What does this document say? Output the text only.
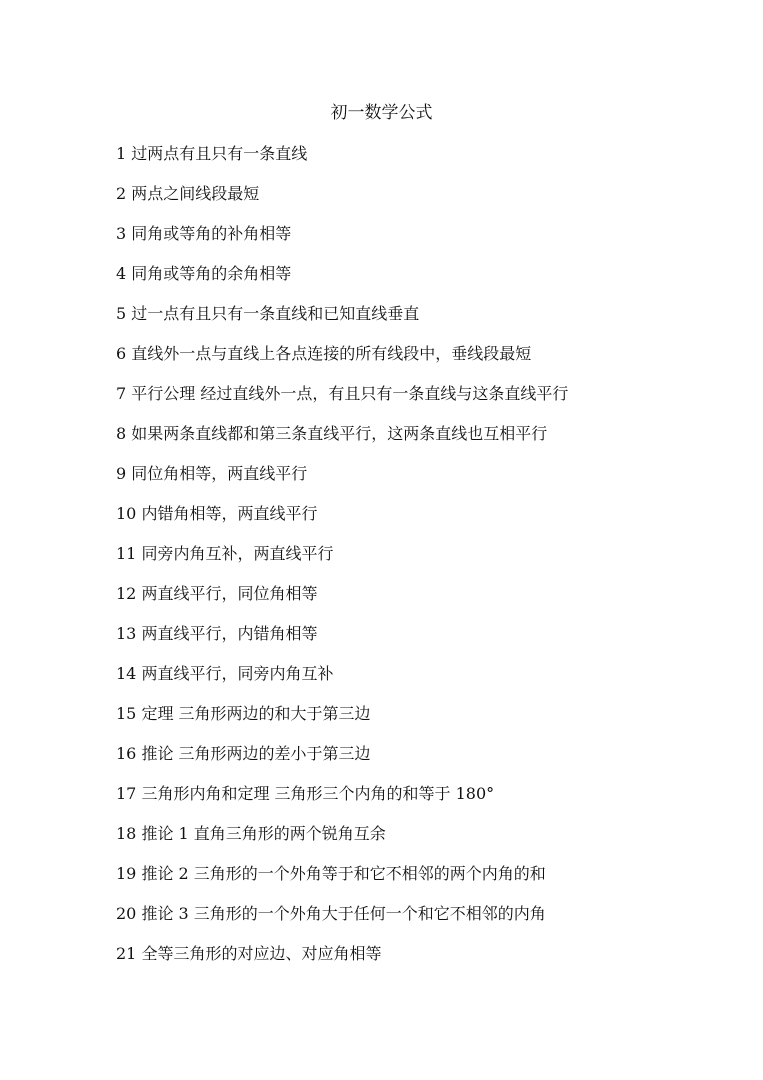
初一数学公式
1 过两点有且只有一条直线
2 两点之间线段最短
3 同角或等角的补角相等
4 同角或等角的余角相等
5 过一点有且只有一条直线和已知直线垂直
6 直线外一点与直线上各点连接的所有线段中，垂线段最短
7 平行公理 经过直线外一点，有且只有一条直线与这条直线平行
8 如果两条直线都和第三条直线平行，这两条直线也互相平行
9 同位角相等，两直线平行
10 内错角相等，两直线平行
11 同旁内角互补，两直线平行
12 两直线平行，同位角相等
13 两直线平行，内错角相等
14 两直线平行，同旁内角互补
15 定理 三角形两边的和大于第三边
16 推论 三角形两边的差小于第三边
17 三角形内角和定理 三角形三个内角的和等于 180°
18 推论 1 直角三角形的两个锐角互余
19 推论 2 三角形的一个外角等于和它不相邻的两个内角的和
20 推论 3 三角形的一个外角大于任何一个和它不相邻的内角
21 全等三角形的对应边、对应角相等
